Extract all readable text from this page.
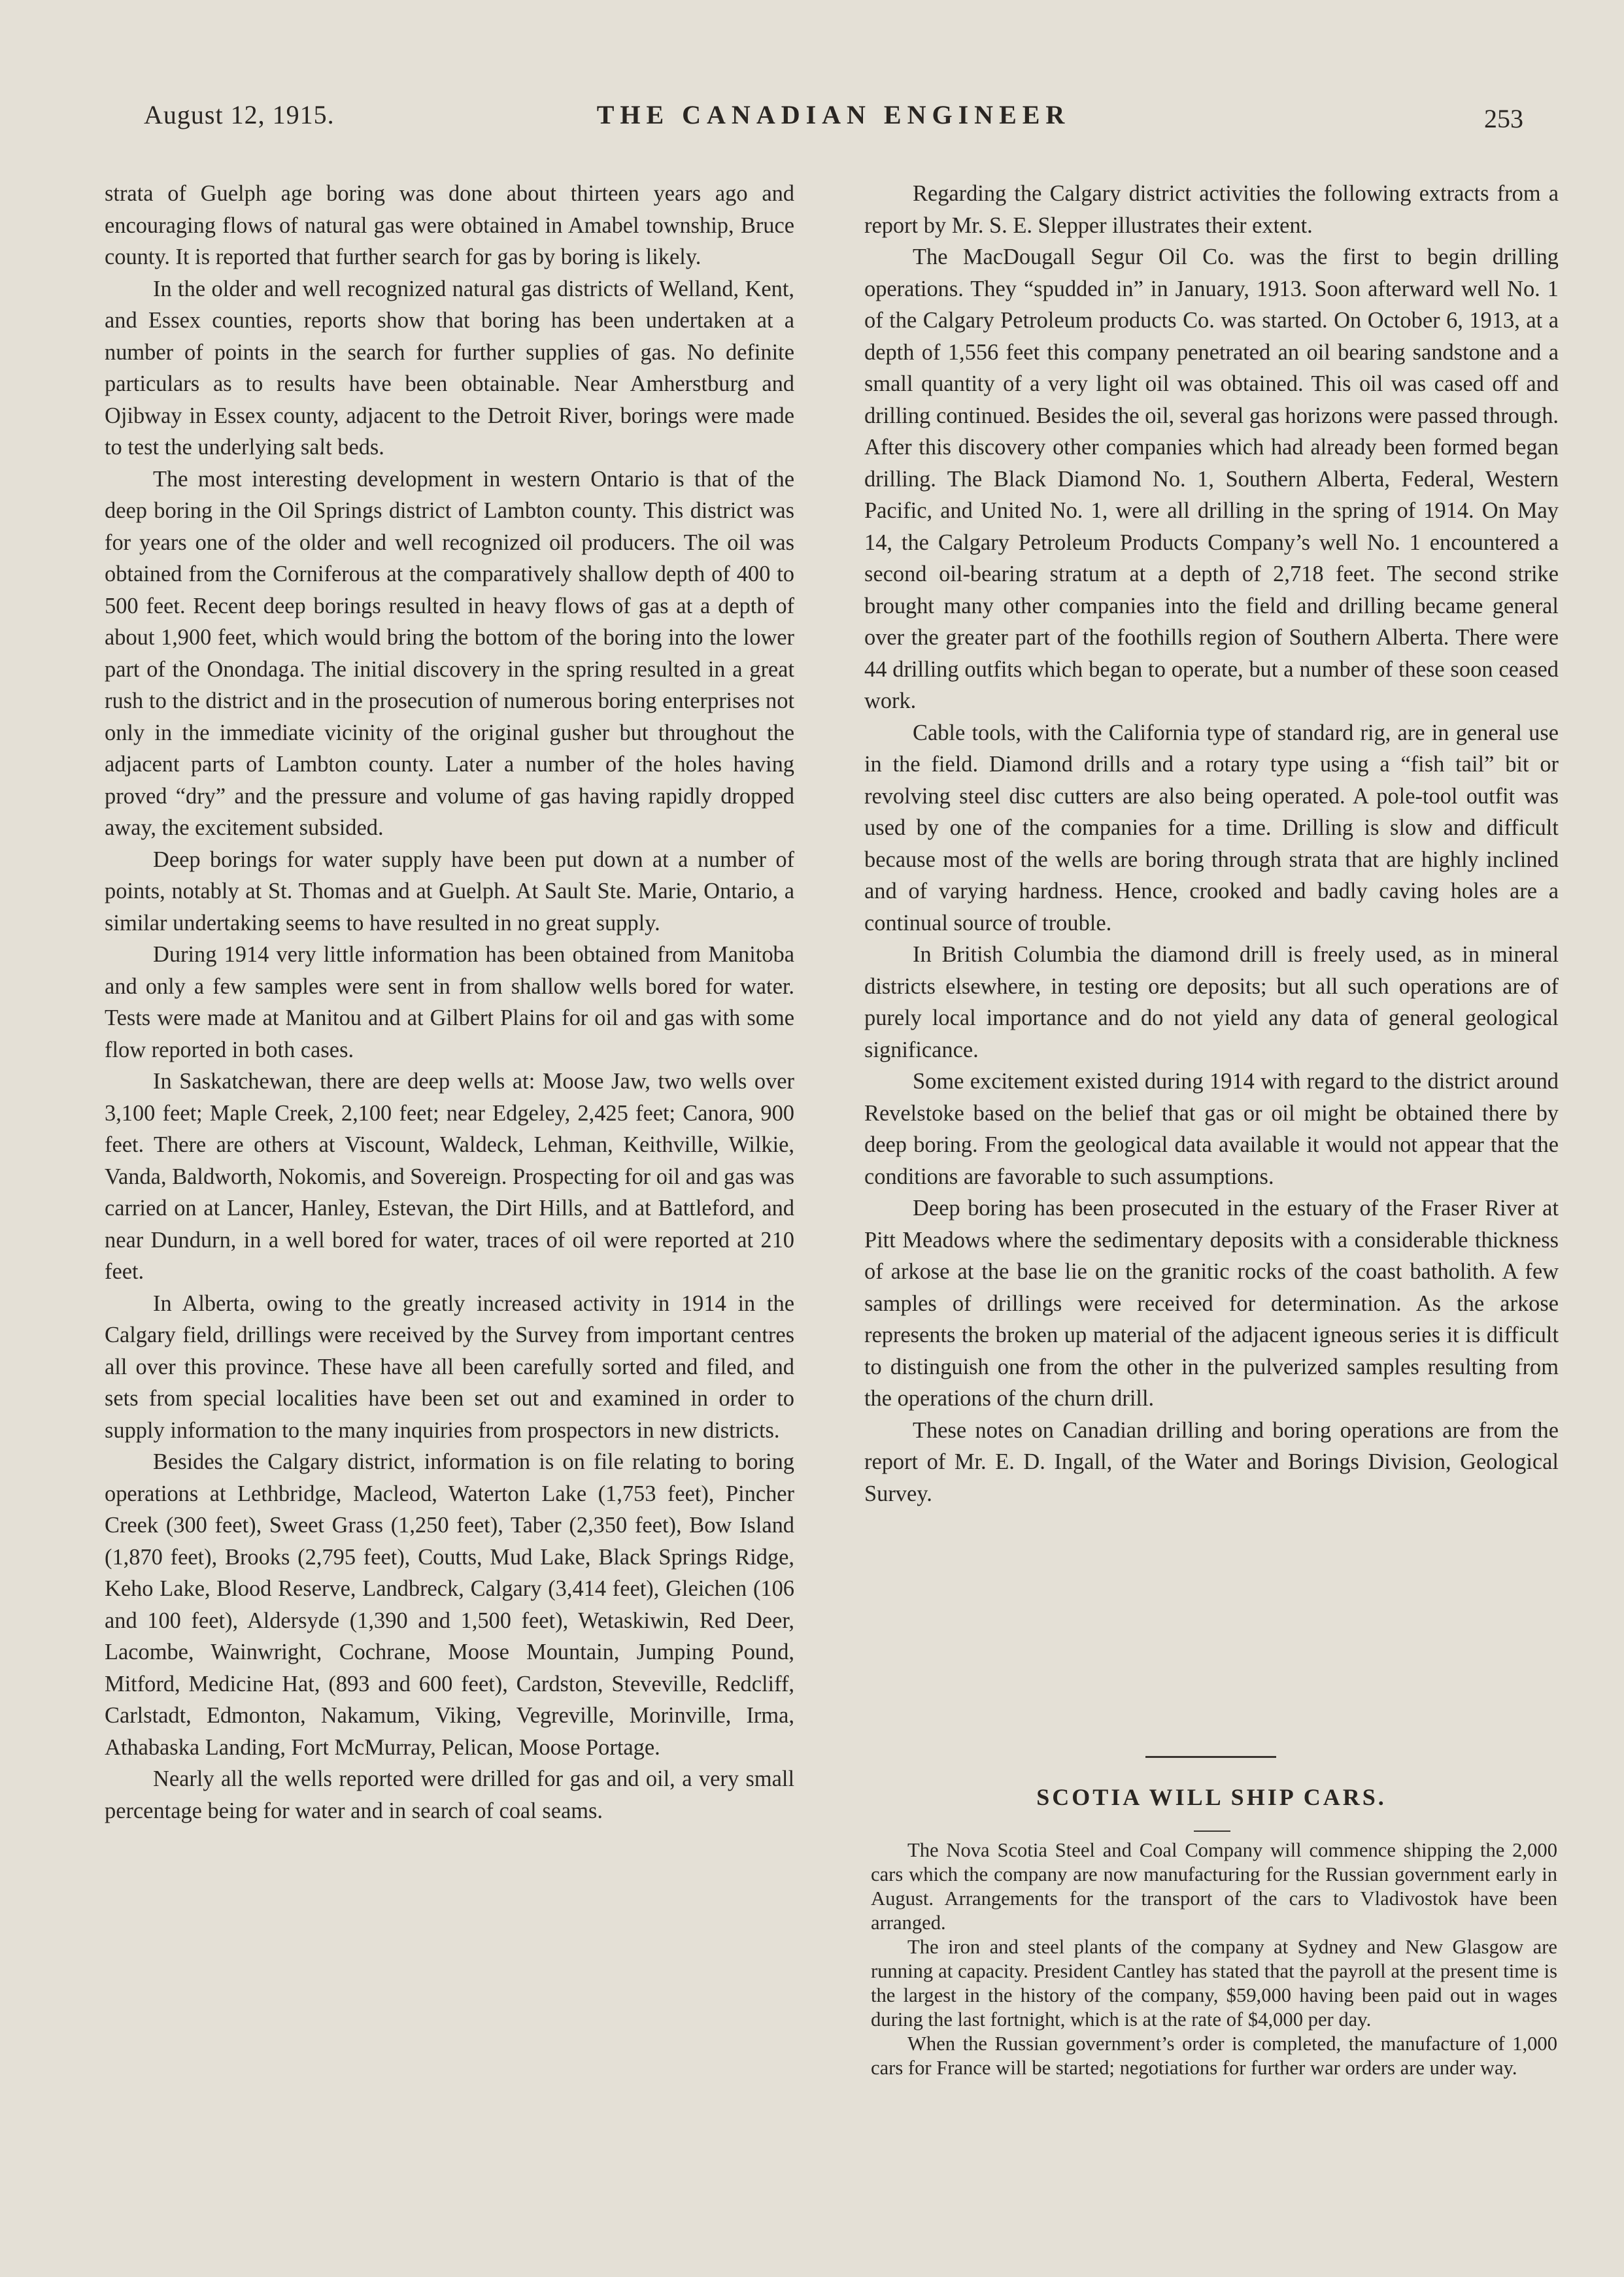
August 12, 1915.	THE CANADIAN ENGINEER	253

strata of Guelph age boring was done about thirteen years ago and encouraging flows of natural gas were obtained in Amabel township, Bruce county. It is reported that further search for gas by boring is likely.

In the older and well recognized natural gas districts of Welland, Kent, and Essex counties, reports show that boring has been undertaken at a number of points in the search for further supplies of gas. No definite particulars as to results have been obtainable. Near Amherstburg and Ojibway in Essex county, adjacent to the Detroit River, borings were made to test the underlying salt beds.

The most interesting development in western Ontario is that of the deep boring in the Oil Springs district of Lambton county. This district was for years one of the older and well recognized oil producers. The oil was obtained from the Corniferous at the comparatively shallow depth of 400 to 500 feet. Recent deep borings resulted in heavy flows of gas at a depth of about 1,900 feet, which would bring the bottom of the boring into the lower part of the Onondaga. The initial discovery in the spring resulted in a great rush to the district and in the prosecution of numerous boring enterprises not only in the immediate vicinity of the original gusher but throughout the adjacent parts of Lambton county. Later a number of the holes having proved “dry” and the pressure and volume of gas having rapidly dropped away, the excitement subsided.

Deep borings for water supply have been put down at a number of points, notably at St. Thomas and at Guelph. At Sault Ste. Marie, Ontario, a similar undertaking seems to have resulted in no great supply.

During 1914 very little information has been obtained from Manitoba and only a few samples were sent in from shallow wells bored for water. Tests were made at Manitou and at Gilbert Plains for oil and gas with some flow reported in both cases.

In Saskatchewan, there are deep wells at: Moose Jaw, two wells over 3,100 feet; Maple Creek, 2,100 feet; near Edgeley, 2,425 feet; Canora, 900 feet. There are others at Viscount, Waldeck, Lehman, Keithville, Wilkie, Vanda, Baldworth, Nokomis, and Sovereign. Prospecting for oil and gas was carried on at Lancer, Hanley, Estevan, the Dirt Hills, and at Battleford, and near Dundurn, in a well bored for water, traces of oil were reported at 210 feet.

In Alberta, owing to the greatly increased activity in 1914 in the Calgary field, drillings were received by the Survey from important centres all over this province. These have all been carefully sorted and filed, and sets from special localities have been set out and examined in order to supply information to the many inquiries from prospectors in new districts.

Besides the Calgary district, information is on file relating to boring operations at Lethbridge, Macleod, Waterton Lake (1,753 feet), Pincher Creek (300 feet), Sweet Grass (1,250 feet), Taber (2,350 feet), Bow Island (1,870 feet), Brooks (2,795 feet), Coutts, Mud Lake, Black Springs Ridge, Keho Lake, Blood Reserve, Landbreck, Calgary (3,414 feet), Gleichen (106 and 100 feet), Aldersyde (1,390 and 1,500 feet), Wetaskiwin, Red Deer, Lacombe, Wainwright, Cochrane, Moose Mountain, Jumping Pound, Mitford, Medicine Hat, (893 and 600 feet), Cardston, Steveville, Redcliff, Carlstadt, Edmonton, Nakamum, Viking, Vegreville, Morinville, Irma, Athabaska Landing, Fort McMurray, Pelican, Moose Portage.

Nearly all the wells reported were drilled for gas and oil, a very small percentage being for water and in search of coal seams.

Regarding the Calgary district activities the following extracts from a report by Mr. S. E. Slepper illustrates their extent.

The MacDougall Segur Oil Co. was the first to begin drilling operations. They “spudded in” in January, 1913. Soon afterward well No. 1 of the Calgary Petroleum products Co. was started. On October 6, 1913, at a depth of 1,556 feet this company penetrated an oil bearing sandstone and a small quantity of a very light oil was obtained. This oil was cased off and drilling continued. Besides the oil, several gas horizons were passed through. After this discovery other companies which had already been formed began drilling. The Black Diamond No. 1, Southern Alberta, Federal, Western Pacific, and United No. 1, were all drilling in the spring of 1914. On May 14, the Calgary Petroleum Products Company’s well No. 1 encountered a second oil-bearing stratum at a depth of 2,718 feet. The second strike brought many other companies into the field and drilling became general over the greater part of the foothills region of Southern Alberta. There were 44 drilling outfits which began to operate, but a number of these soon ceased work.

Cable tools, with the California type of standard rig, are in general use in the field. Diamond drills and a rotary type using a “fish tail” bit or revolving steel disc cutters are also being operated. A pole-tool outfit was used by one of the companies for a time. Drilling is slow and difficult because most of the wells are boring through strata that are highly inclined and of varying hardness. Hence, crooked and badly caving holes are a continual source of trouble.

In British Columbia the diamond drill is freely used, as in mineral districts elsewhere, in testing ore deposits; but all such operations are of purely local importance and do not yield any data of general geological significance.

Some excitement existed during 1914 with regard to the district around Revelstoke based on the belief that gas or oil might be obtained there by deep boring. From the geological data available it would not appear that the conditions are favorable to such assumptions.

Deep boring has been prosecuted in the estuary of the Fraser River at Pitt Meadows where the sedimentary deposits with a considerable thickness of arkose at the base lie on the granitic rocks of the coast batholith. A few samples of drillings were received for determination. As the arkose represents the broken up material of the adjacent igneous series it is difficult to distinguish one from the other in the pulverized samples resulting from the operations of the churn drill.

These notes on Canadian drilling and boring operations are from the report of Mr. E. D. Ingall, of the Water and Borings Division, Geological Survey.

SCOTIA WILL SHIP CARS.

The Nova Scotia Steel and Coal Company will commence shipping the 2,000 cars which the company are now manufacturing for the Russian government early in August. Arrangements for the transport of the cars to Vladivostok have been arranged.

The iron and steel plants of the company at Sydney and New Glasgow are running at capacity. President Cantley has stated that the payroll at the present time is the largest in the history of the company, $59,000 having been paid out in wages during the last fortnight, which is at the rate of $4,000 per day.

When the Russian government’s order is completed, the manufacture of 1,000 cars for France will be started; negotiations for further war orders are under way.
